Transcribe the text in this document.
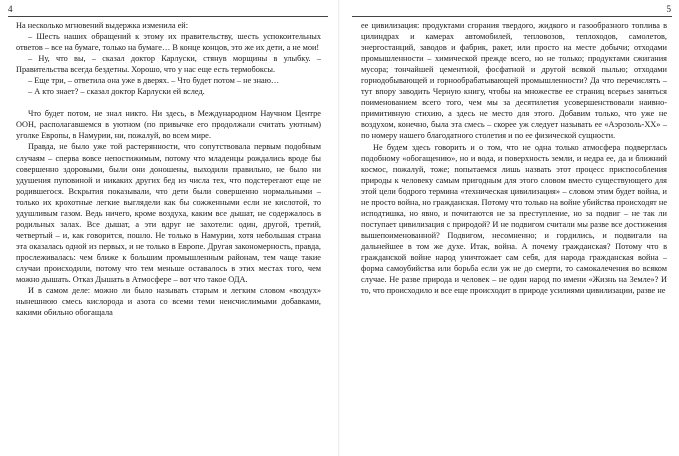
4	5

На несколько мгновений выдержка изменила ей:

– Шесть наших обращений к этому их правительству, шесть успокоительных ответов – все на бумаге, только на бумаге… В конце концов, это же их дети, а не мои!

– Ну, что вы, – сказал доктор Карлуски, стянув морщины в улыбку. – Правительства всегда бездетны. Хорошо, что у нас еще есть термобоксы.

– Еще три, – ответила она уже в дверях. – Что будет потом – не знаю…

– А кто знает? – сказал доктор Карлуски ей вслед.

Что будет потом, не знал никто. Ни здесь, в Международном Научном Центре ООН, располагавшемся в уютном (по привычке его продолжали считать уютным) уголке Европы, в Намурии, ни, пожалуй, во всем мире.

Правда, не было уже той растерянности, что сопутствовала первым подобным случаям – сперва вовсе непостижимым, потому что младенцы рождались вроде бы совершенно здоровыми, были они доношены, выходили правильно, не было ни удушения пуповиной и никаких других бед из числа тех, что подстерегают еще не родившегося. Вскрытия показывали, что дети были совершенно нормальными – только их крохотные легкие выглядели как бы сожженными если не кислотой, то удушливым газом. Ведь ничего, кроме воздуха, каким все дышат, не содержалось в родильных залах. Все дышат, а эти вдруг не захотели: один, другой, третий, четвертый – и, как говорится, пошло. Не только в Намурии, хотя небольшая страна эта оказалась одной из первых, и не только в Европе. Другая закономерность, правда, прослеживалась: чем ближе к большим промышленным районам, тем чаще такие случаи происходили, потому что тем меньше оставалось в этих местах того, чем можно дышать. Отказ Дышать в Атмосфере – вот что такое ОДА.

И в самом деле: можно ли было называть старым и легким словом «воздух» нынешнюю смесь кислорода и азота со всеми теми неисчислимыми добавками, какими обильно обогащала

ее цивилизация: продуктами сгорания твердого, жидкого и газообразного топлива в цилиндрах и камерах автомобилей, тепловозов, теплоходов, самолетов, энергостанций, заводов и фабрик, ракет, или просто на месте добычи; отходами промышленности – химической прежде всего, но не только; продуктами сжигания мусора; тончайшей цементной, фосфатной и другой всякой пылью; отходами горнодобывающей и горнообрабатывающей промышленности? Да что перечислять – тут впору заводить Черную книгу, чтобы на множестве ее страниц всерьез заняться поименованием всего того, чем мы за десятилетия усовершенствовали наивно-примитивную стихию, а здесь не место для этого. Добавим только, что уже не воздухом, конечно, была эта смесь – скорее уж следует называть ее «Аэрозоль-ХХ» – по номеру нашего благодатного столетия и по ее физической сущности.

Не будем здесь говорить и о том, что не одна только атмосфера подверглась подобному «обогащению», но и вода, и поверхность земли, и недра ее, да и ближний космос, пожалуй, тоже; попытаемся лишь назвать этот процесс приспособления природы к человеку самым пригодным для этого словом вместо существующего для этой цели бодрого термина «техническая цивилизация» – словом этим будет война, и не просто война, но гражданская. Потому что только на войне убийства происходят не исподтишка, но явно, и почитаются не за преступление, но за подвиг – не так ли поступает цивилизация с природой? И не подвигом считали мы разве все достижения вышепоименованной? Подвигом, несомненно; и гордились, и подвигали на дальнейшее в том же духе. Итак, война. А почему гражданская? Потому что в гражданской войне народ уничтожает сам себя, для народа гражданская война – форма самоубийства или борьба если уж не до смерти, то самокалечения во всяком случае. Не разве природа и человек – не один народ по имени «Жизнь на Земле»? И то, что происходило и все еще происходит в природе усилиями цивилизации, разве не
